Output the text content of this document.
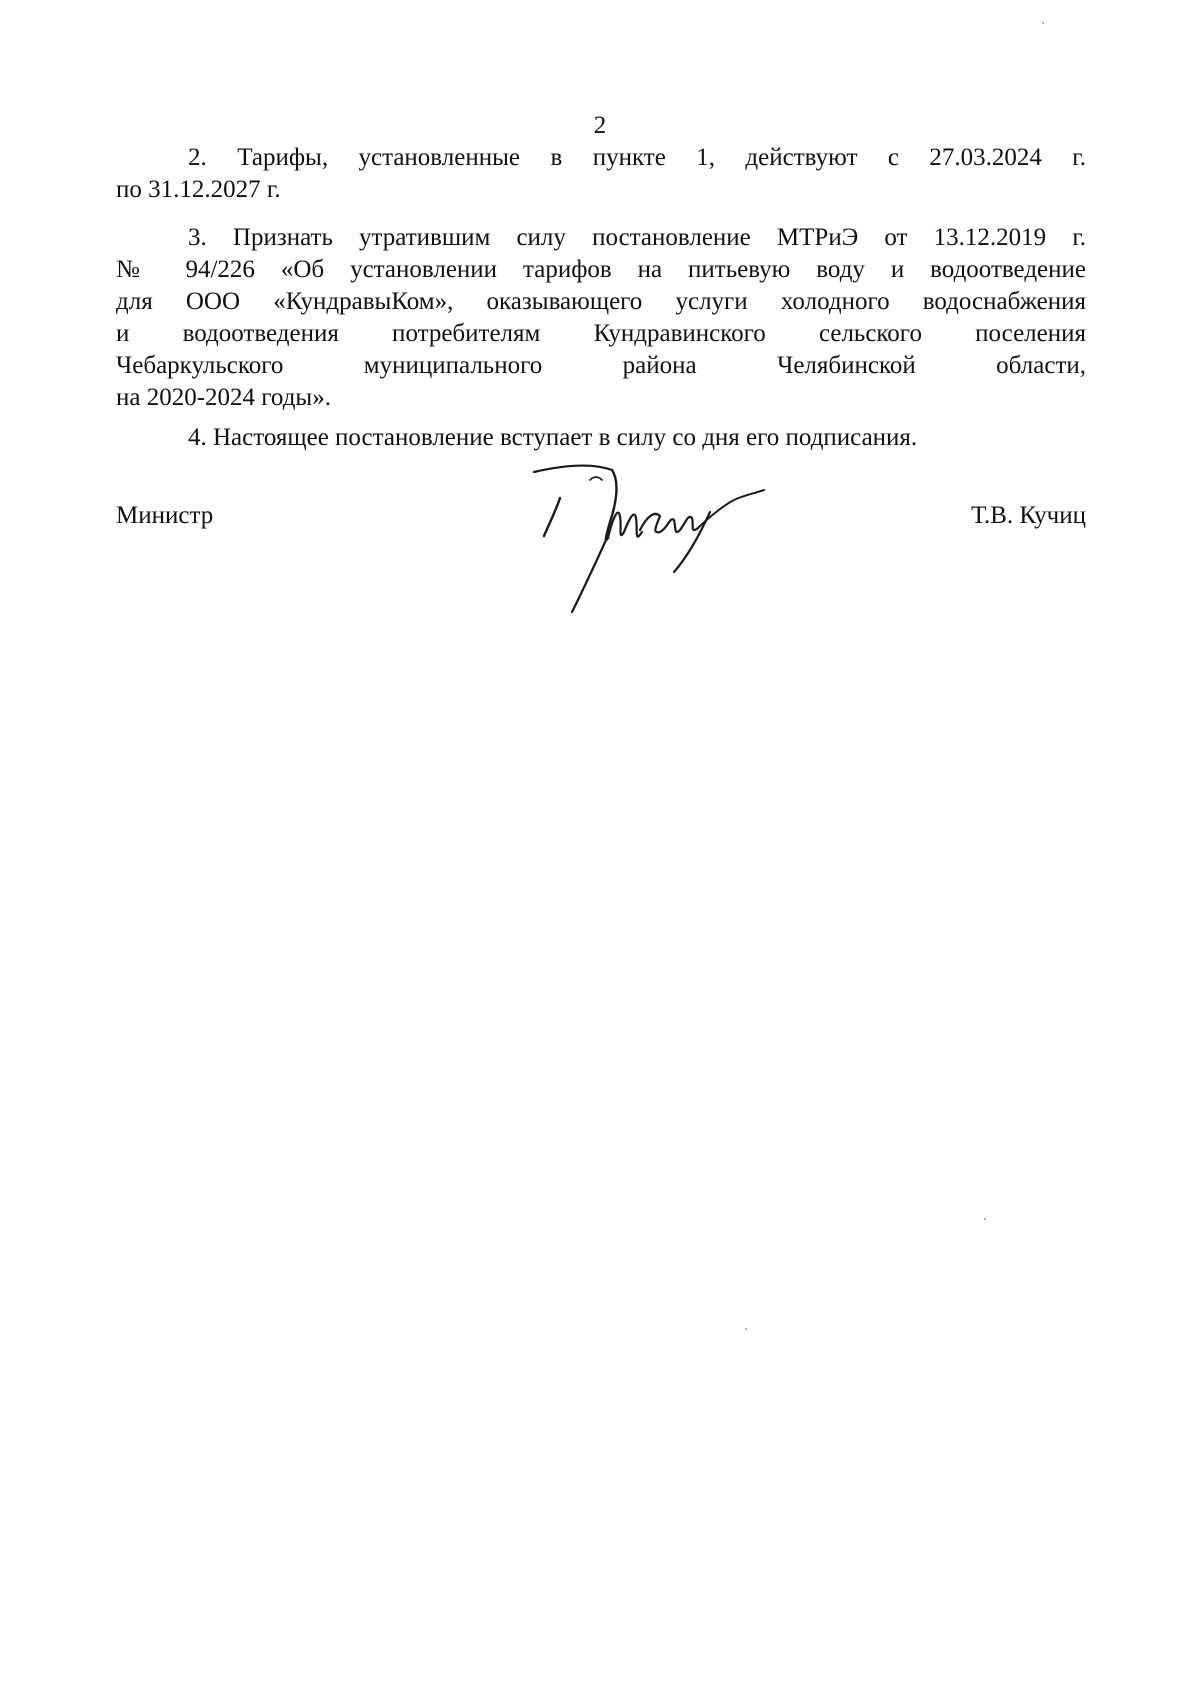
2
2. Тарифы, установленные в пункте 1, действуют с 27.03.2024 г.
по 31.12.2027 г.
3. Признать утратившим силу постановление МТРиЭ от 13.12.2019 г.
№ 94/226 «Об установлении тарифов на питьевую воду и водоотведение
для ООО «КундравыКом», оказывающего услуги холодного водоснабжения
и водоотведения потребителям Кундравинского сельского поселения
Чебаркульского муниципального района Челябинской области,
на 2020-2024 годы».
4. Настоящее постановление вступает в силу со дня его подписания.
Министр	Т.В. Кучиц
